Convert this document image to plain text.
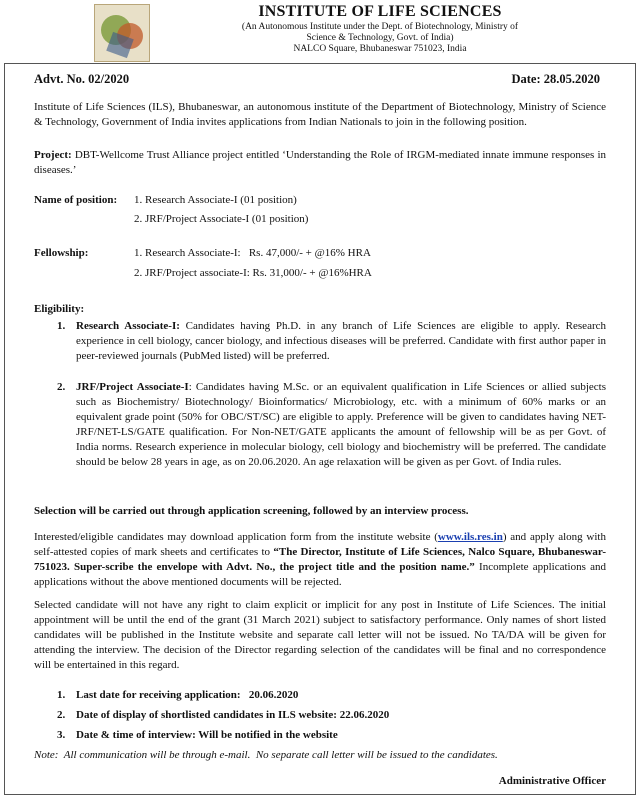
INSTITUTE OF LIFE SCIENCES
(An Autonomous Institute under the Dept. of Biotechnology, Ministry of
Science & Technology, Govt. of India)
NALCO Square, Bhubaneswar 751023, India
Advt. No. 02/2020	Date: 28.05.2020
Institute of Life Sciences (ILS), Bhubaneswar, an autonomous institute of the Department of Biotechnology, Ministry of Science & Technology, Government of India invites applications from Indian Nationals to join in the following position.
Project: DBT-Wellcome Trust Alliance project entitled ‘Understanding the Role of IRGM-mediated innate immune responses in diseases.’
Name of position: 1. Research Associate-I (01 position)
2. JRF/Project Associate-I (01 position)
Fellowship:	1. Research Associate-I:   Rs. 47,000/- + @16% HRA
2. JRF/Project associate-I: Rs. 31,000/- + @16%HRA
Eligibility:
1. Research Associate-I: Candidates having Ph.D. in any branch of Life Sciences are eligible to apply. Research experience in cell biology, cancer biology, and infectious diseases will be preferred. Candidate with first author paper in peer-reviewed journals (PubMed listed) will be preferred.
2. JRF/Project Associate-I: Candidates having M.Sc. or an equivalent qualification in Life Sciences or allied subjects such as Biochemistry/ Biotechnology/ Bioinformatics/ Microbiology, etc. with a minimum of 60% marks or an equivalent grade point (50% for OBC/ST/SC) are eligible to apply. Preference will be given to candidates having NET-JRF/NET-LS/GATE qualification. For Non-NET/GATE applicants the amount of fellowship will be as per Govt. of India norms. Research experience in molecular biology, cell biology and biochemistry will be preferred. The candidate should be below 28 years in age, as on 20.06.2020. An age relaxation will be given as per Govt. of India rules.
Selection will be carried out through application screening, followed by an interview process.
Interested/eligible candidates may download application form from the institute website (www.ils.res.in) and apply along with self-attested copies of mark sheets and certificates to “The Director, Institute of Life Sciences, Nalco Square, Bhubaneswar-751023. Super-scribe the envelope with Advt. No., the project title and the position name.” Incomplete applications and applications without the above mentioned documents will be rejected.
Selected candidate will not have any right to claim explicit or implicit for any post in Institute of Life Sciences. The initial appointment will be until the end of the grant (31 March 2021) subject to satisfactory performance. Only names of short listed candidates will be published in the Institute website and separate call letter will not be issued. No TA/DA will be given for attending the interview. The decision of the Director regarding selection of the candidates will be final and no correspondence will be entertained in this regard.
1. Last date for receiving application:   20.06.2020
2. Date of display of shortlisted candidates in ILS website: 22.06.2020
3. Date & time of interview: Will be notified in the website
Note: All communication will be through e-mail.  No separate call letter will be issued to the candidates.
Administrative Officer
